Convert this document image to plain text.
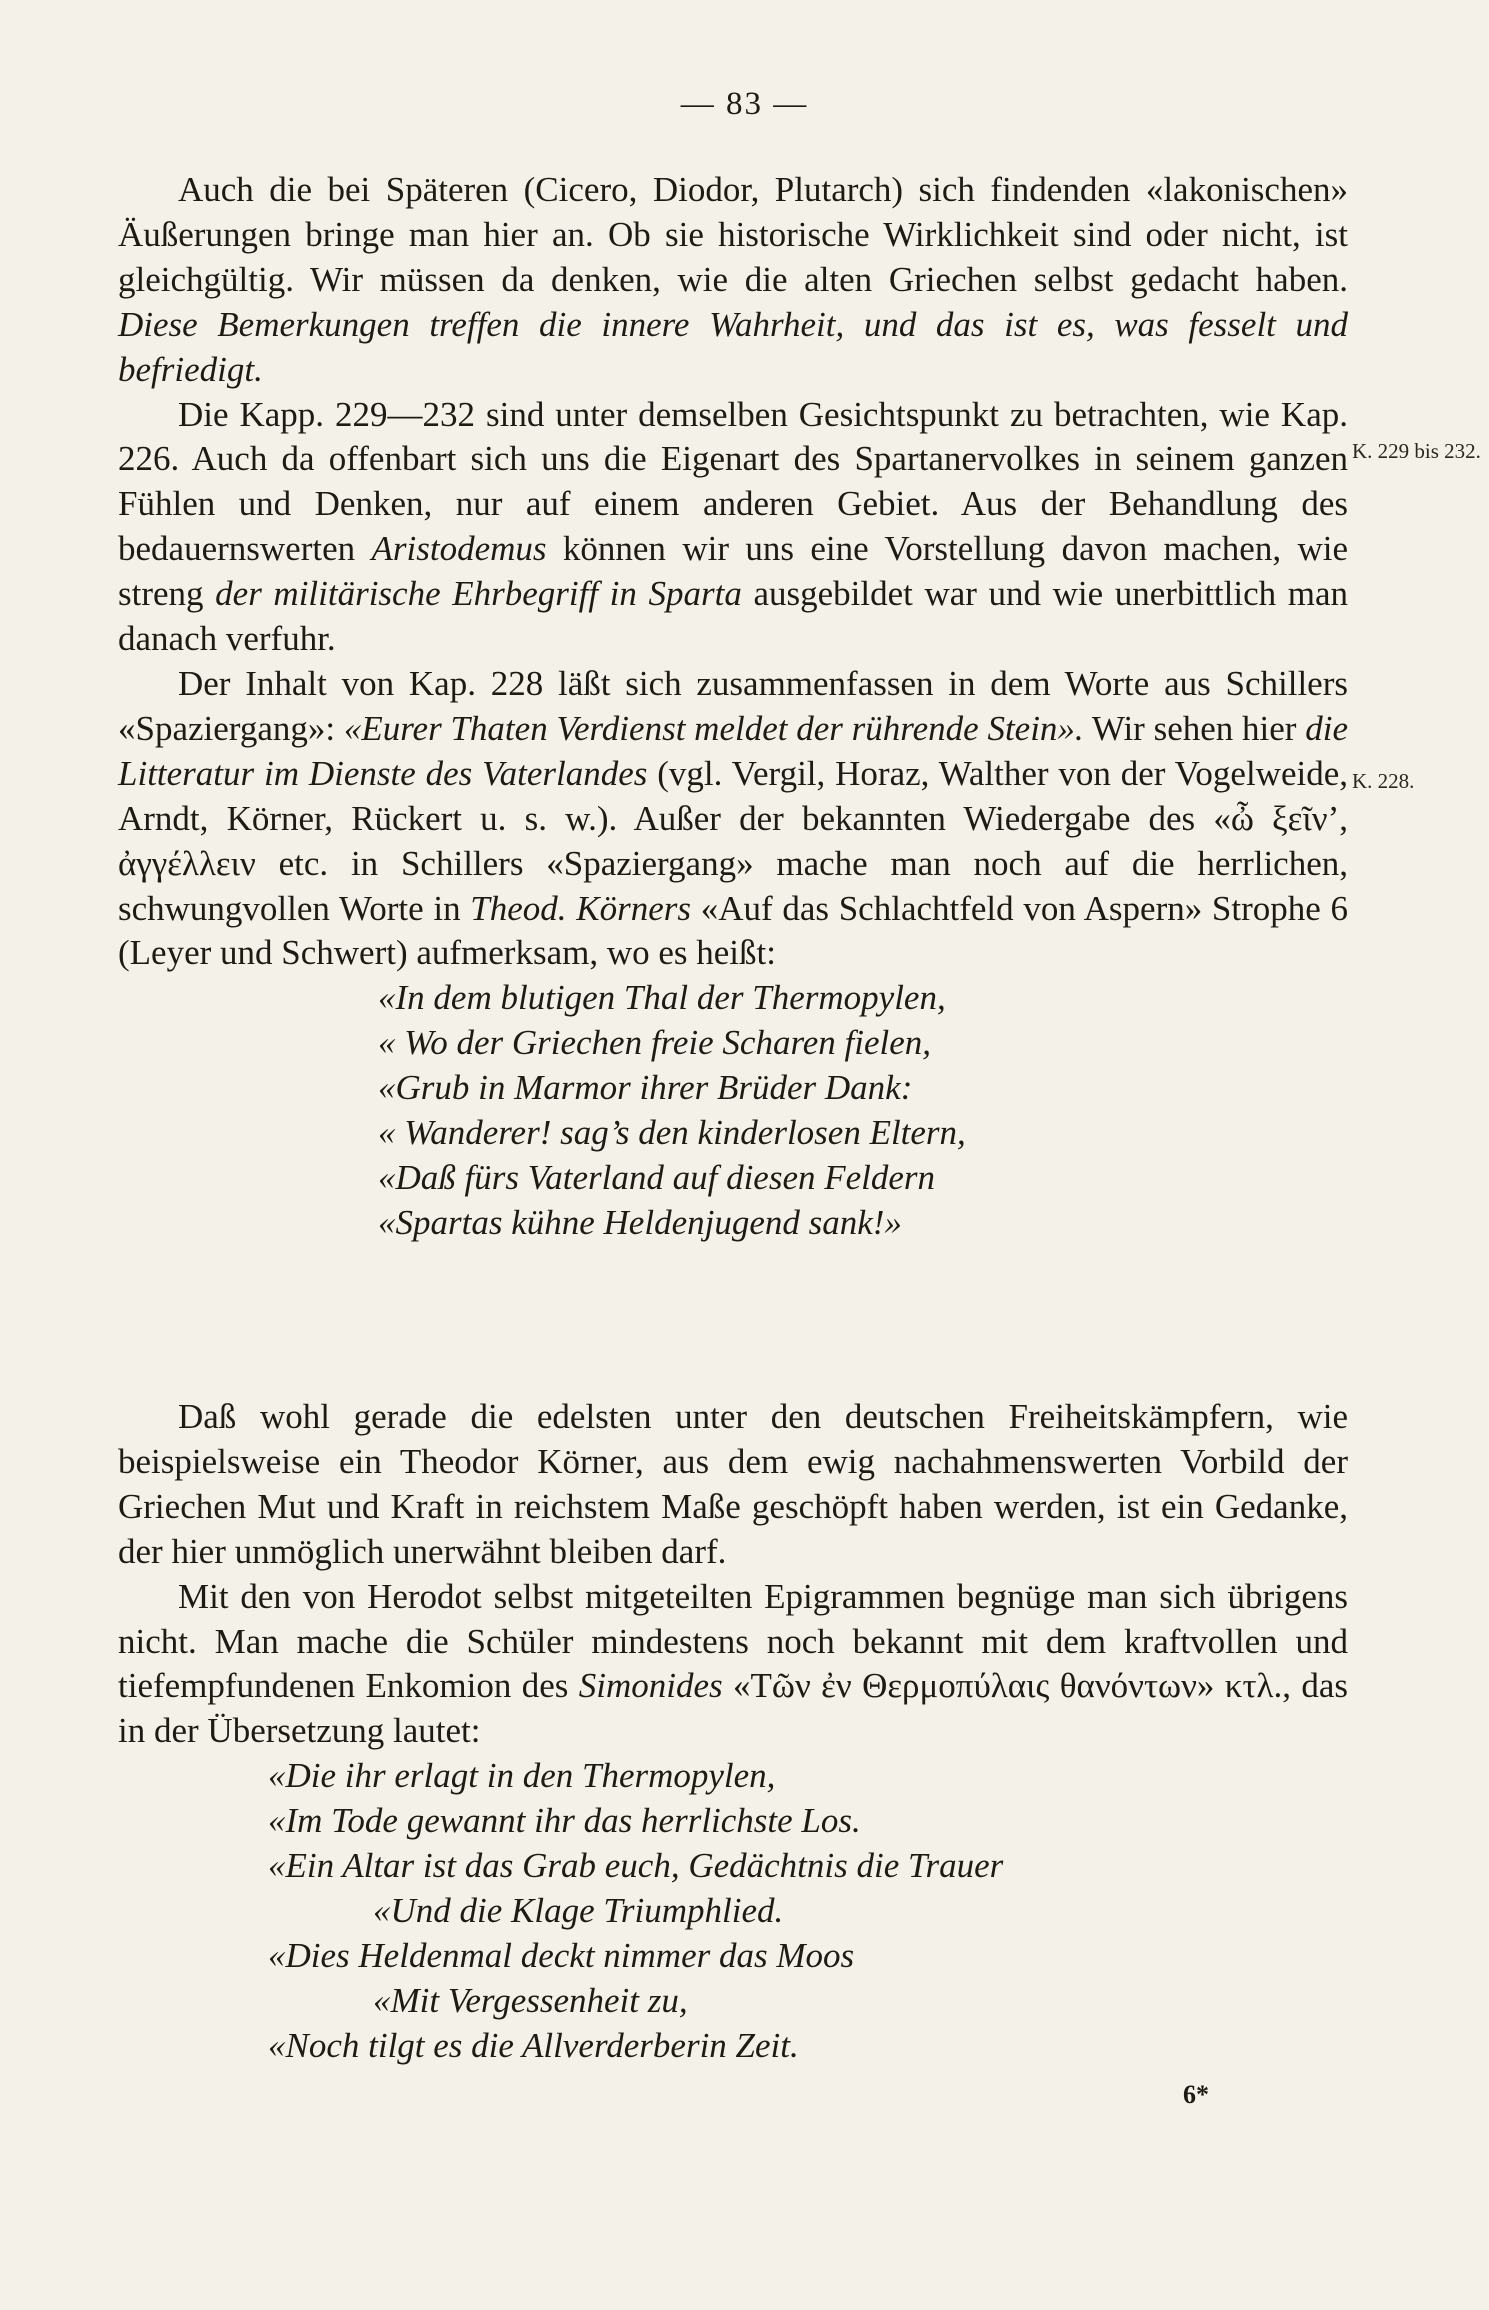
— 83 —
K. 229 bis 232.
K. 228.

Auch die bei Späteren (Cicero, Diodor, Plutarch) sich findenden «lakonischen» Äußerungen bringe man hier an. Ob sie historische Wirklichkeit sind oder nicht, ist gleichgültig. Wir müssen da denken, wie die alten Griechen selbst gedacht haben. Diese Bemerkungen treffen die innere Wahrheit, und das ist es, was fesselt und befriedigt.

Die Kapp. 229—232 sind unter demselben Gesichtspunkt zu betrachten, wie Kap. 226. Auch da offenbart sich uns die Eigenart des Spartanervolkes in seinem ganzen Fühlen und Denken, nur auf einem anderen Gebiet. Aus der Behandlung des bedauernswerten Aristodemus können wir uns eine Vorstellung davon machen, wie streng der militärische Ehrbegriff in Sparta ausgebildet war und wie unerbittlich man danach verfuhr.

Der Inhalt von Kap. 228 läßt sich zusammenfassen in dem Worte aus Schillers «Spaziergang»: «Eurer Thaten Verdienst meldet der rührende Stein». Wir sehen hier die Litteratur im Dienste des Vaterlandes (vgl. Vergil, Horaz, Walther von der Vogelweide, Arndt, Körner, Rückert u. s. w.). Außer der bekannten Wiedergabe des «ὦ ξεῖν’, ἀγγέλλειν etc. in Schillers «Spaziergang» mache man noch auf die herrlichen, schwungvollen Worte in Theod. Körners «Auf das Schlachtfeld von Aspern» Strophe 6 (Leyer und Schwert) aufmerksam, wo es heißt:

«In dem blutigen Thal der Thermopylen,

« Wo der Griechen freie Scharen fielen,

«Grub in Marmor ihrer Brüder Dank:

« Wanderer! sag’s den kinderlosen Eltern,

«Daß fürs Vaterland auf diesen Feldern

«Spartas kühne Heldenjugend sank!»

Daß wohl gerade die edelsten unter den deutschen Freiheitskämpfern, wie beispielsweise ein Theodor Körner, aus dem ewig nachahmenswerten Vorbild der Griechen Mut und Kraft in reichstem Maße geschöpft haben werden, ist ein Gedanke, der hier unmöglich unerwähnt bleiben darf.

Mit den von Herodot selbst mitgeteilten Epigrammen begnüge man sich übrigens nicht. Man mache die Schüler mindestens noch bekannt mit dem kraftvollen und tiefempfundenen Enkomion des Simonides «Τῶν ἐν Θερμοπύλαις θανόντων» κτλ., das in der Übersetzung lautet:

«Die ihr erlagt in den Thermopylen,

«Im Tode gewannt ihr das herrlichste Los.

«Ein Altar ist das Grab euch, Gedächtnis die Trauer

«Und die Klage Triumphlied.

«Dies Heldenmal deckt nimmer das Moos

«Mit Vergessenheit zu,

«Noch tilgt es die Allverderberin Zeit.

6*
